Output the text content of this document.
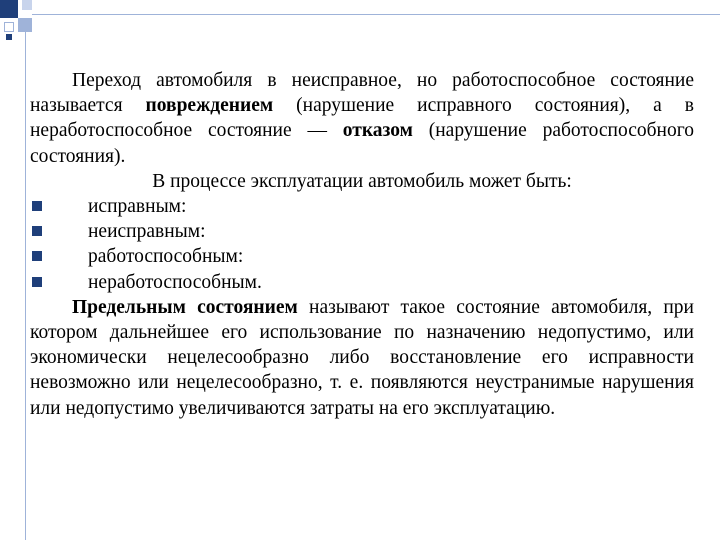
Переход автомобиля в неисправное, но работоспособное состояние называется повреждением (нарушение исправного состояния), а в неработоспособное состояние — отказом (нарушение работоспособного состояния).

В процессе эксплуатации автомобиль может быть:

исправным:

неисправным:

работоспособным:

неработоспособным.

Предельным состоянием называют такое состояние автомобиля, при котором дальнейшее его использование по назначению недопустимо, или экономически нецелесообразно либо восстановление его исправности невозможно или нецелесообразно, т. е. появляются неустранимые нарушения или недопустимо увеличиваются затраты на его эксплуатацию.
